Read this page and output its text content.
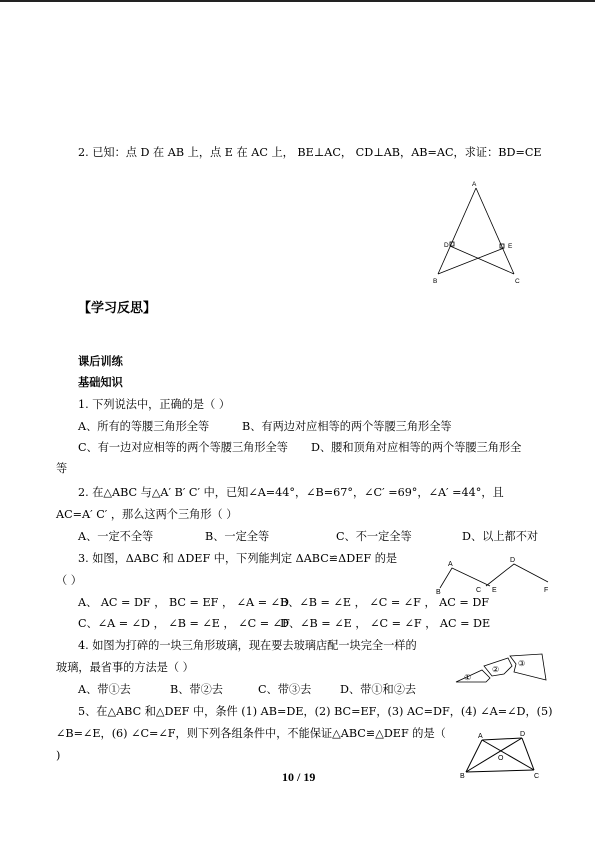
2. 已知：点 D 在 AB 上，点 E 在 AC 上， BE⊥AC， CD⊥AB，AB=AC，求证：BD=CE
A
B	C
D	E
【学习反思】
课后训练
基础知识
1. 下列说法中，正确的是（ ）
A、所有的等腰三角形全等	B、有两边对应相等的两个等腰三角形全等
C、有一边对应相等的两个等腰三角形全等 D、腰和顶角对应相等的两个等腰三角形全
等
2. 在△ABC 与△A′ B′ C′ 中，已知∠A=44°，∠B=67°，∠C′ =69°，∠A′ =44°，且
AC=A′ C′ ，那么这两个三角形（ ）
A、一定不全等	B、一定全等	C、不一定全等	D、以上都不对
3. 如图，ΔABC 和 ΔDEF 中，下列能判定 ΔABC≌ΔDEF 的是
（ ）
B
A
C E
D
F
A、 AC = DF ， BC = EF ， ∠A = ∠D
B、∠B = ∠E ， ∠C = ∠F ， AC = DF
C、∠A = ∠D ， ∠B = ∠E ， ∠C = ∠F
D、∠B = ∠E ， ∠C = ∠F ， AC = DE
4. 如图为打碎的一块三角形玻璃，现在要去玻璃店配一块完全一样的
玻璃，最省事的方法是（ ）
①
②
③
A、带①去	B、带②去	C、带③去	D、带①和②去
5、在△ABC 和△DEF 中，条件 (1) AB=DE，(2) BC=EF，(3) AC=DF，(4) ∠A=∠D，(5)
∠B=∠E，(6) ∠C=∠F，则下列各组条件中，不能保证△ABC≌△DEF 的是（
)
A	D
B	C
O
10 / 19
